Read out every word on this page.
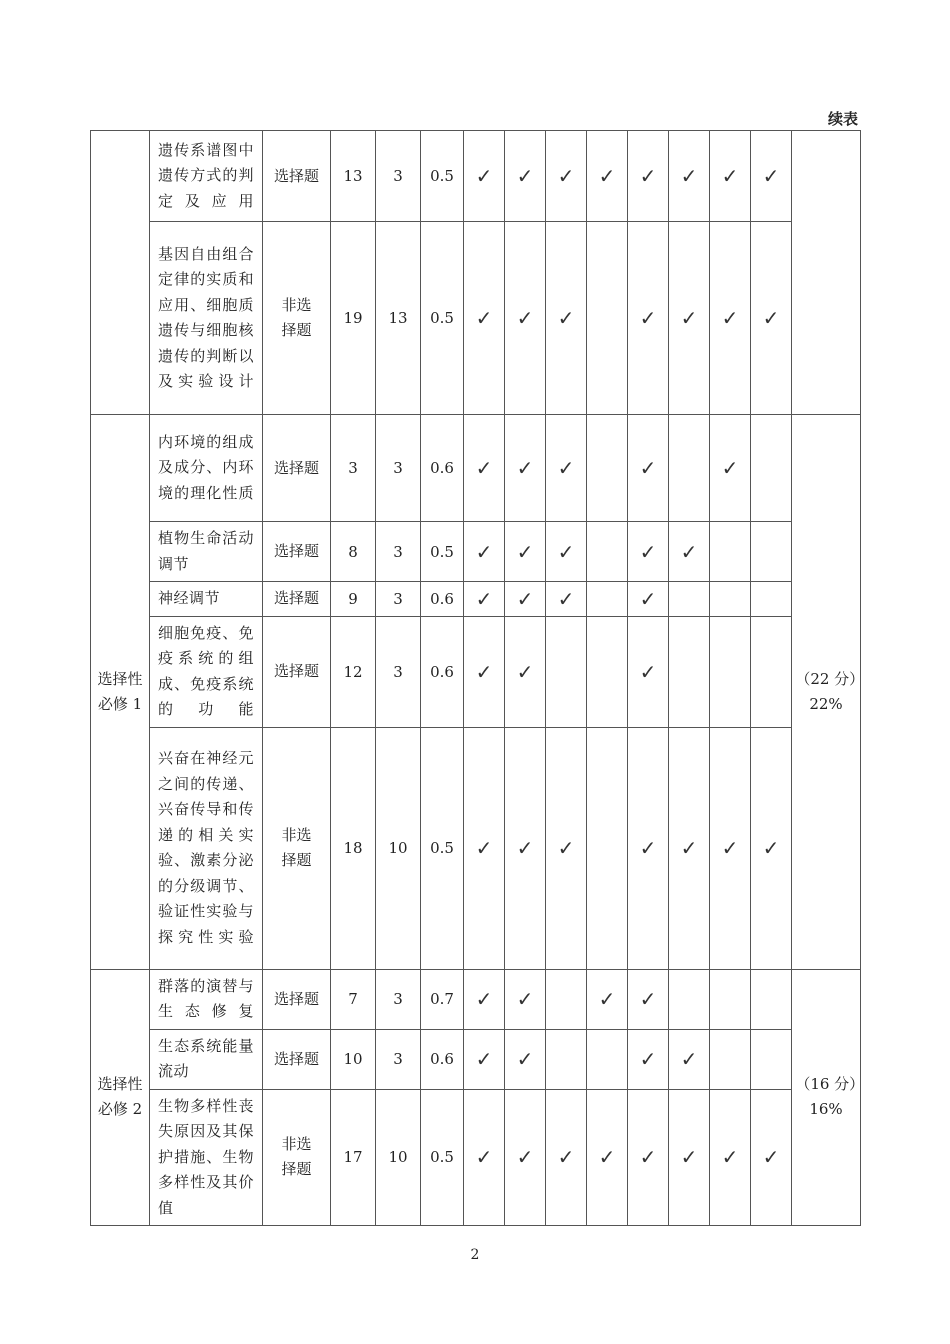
续表
	遗传系谱图中遗传方式的判定及应用	选择题	13	3	0.5	✓	✓	✓	✓	✓	✓	✓	✓	
	基因自由组合定律的实质和应用、细胞质遗传与细胞核遗传的判断以及实验设计	非选择题	19	13	0.5	✓	✓	✓		✓	✓	✓	✓	
选择性必修 1	内环境的组成及成分、内环境的理化性质	选择题	3	3	0.6	✓	✓	✓		✓		✓		（22 分）22%
	植物生命活动调节	选择题	8	3	0.5	✓	✓	✓		✓	✓			
	神经调节	选择题	9	3	0.6	✓	✓	✓		✓				
	细胞免疫、免疫系统的组成、免疫系统的功能	选择题	12	3	0.6	✓	✓			✓				
	兴奋在神经元之间的传递、兴奋传导和传递的相关实验、激素分泌的分级调节、验证性实验与探究性实验	非选择题	18	10	0.5	✓	✓	✓		✓	✓	✓	✓	
选择性必修 2	群落的演替与生态修复	选择题	7	3	0.7	✓	✓		✓	✓				（16 分）16%
	生态系统能量流动	选择题	10	3	0.6	✓	✓			✓	✓			
	生物多样性丧失原因及其保护措施、生物多样性及其价值	非选择题	17	10	0.5	✓	✓	✓	✓	✓	✓	✓	✓	
2
